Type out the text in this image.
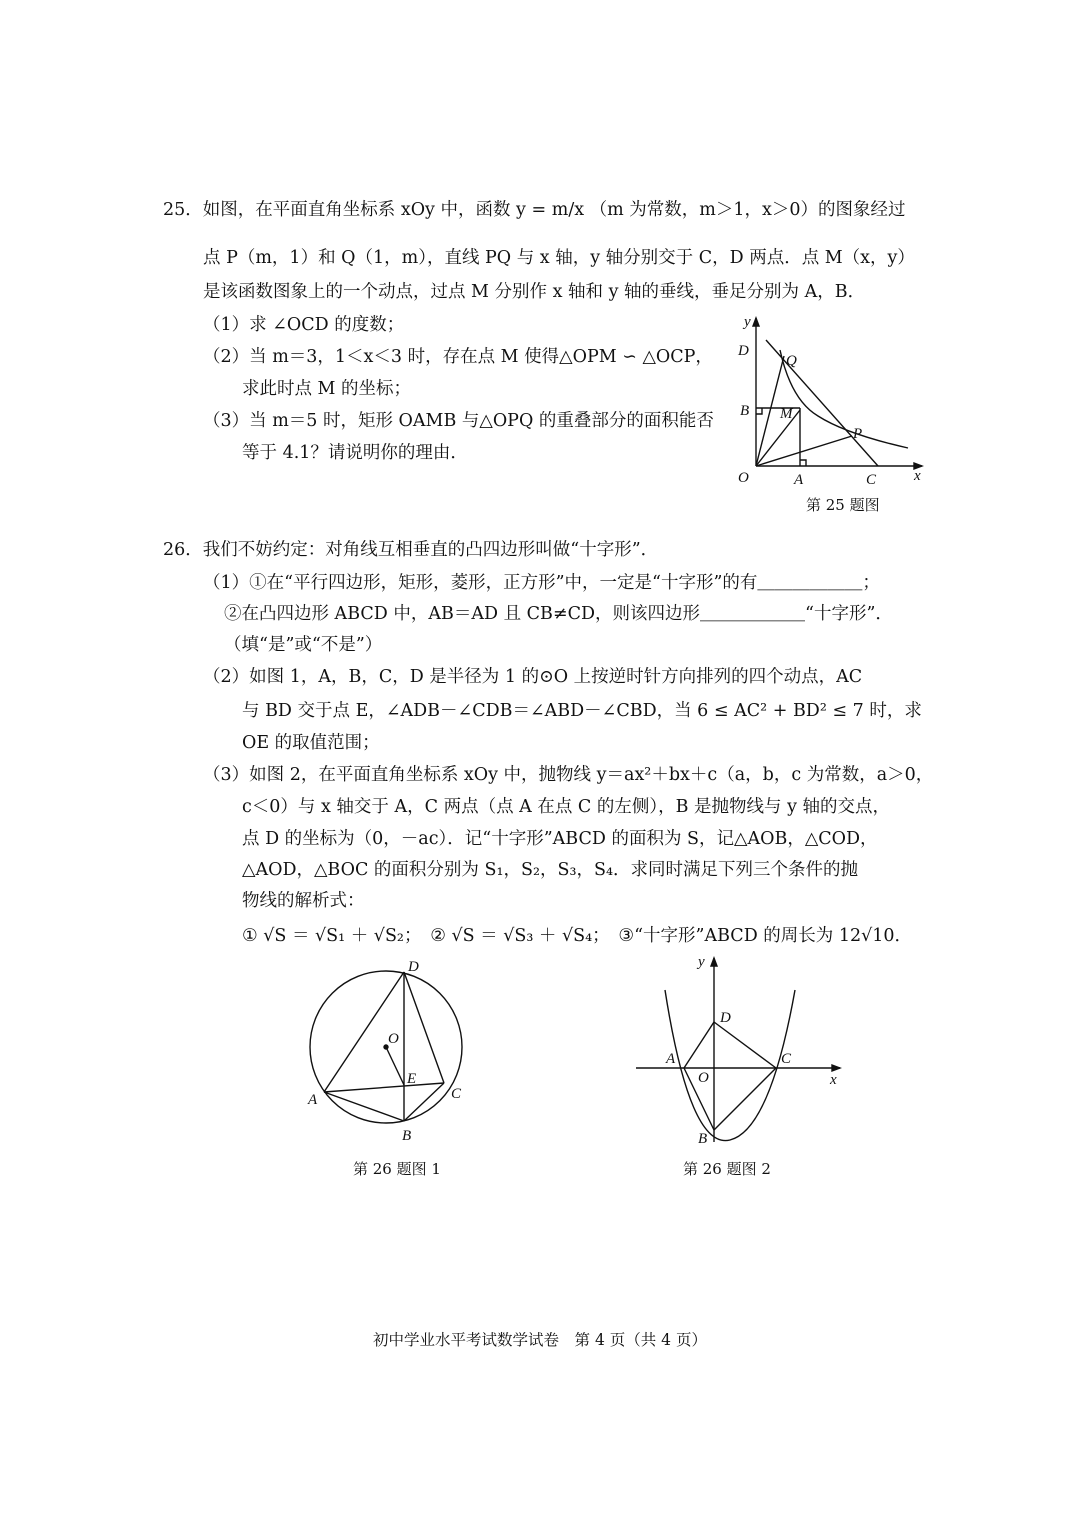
25．如图，在平面直角坐标系 xOy 中，函数 y = m/x （m 为常数，m＞1，x＞0）的图象经过
点 P（m，1）和 Q（1，m），直线 PQ 与 x 轴，y 轴分别交于 C，D 两点．点 M（x，y）
是该函数图象上的一个动点，过点 M 分别作 x 轴和 y 轴的垂线，垂足分别为 A，B．
（1）求 ∠OCD 的度数；
（2）当 m＝3，1＜x＜3 时，存在点 M 使得△OPM ∽ △OCP，
求此时点 M 的坐标；
（3）当 m＝5 时，矩形 OAMB 与△OPQ 的重叠部分的面积能否
等于 4.1？请说明你的理由．
y
x
D
Q
B M
P
O	A	C
第 25 题图
26．我们不妨约定：对角线互相垂直的凸四边形叫做“十字形”．
（1）①在“平行四边形，矩形，菱形，正方形”中，一定是“十字形”的有＿＿＿＿＿＿；
②在凸四边形 ABCD 中，AB＝AD 且 CB≠CD，则该四边形＿＿＿＿＿＿“十字形”．
（填“是”或“不是”）
（2）如图 1，A，B，C，D 是半径为 1 的⊙O 上按逆时针方向排列的四个动点，AC
与 BD 交于点 E，∠ADB－∠CDB＝∠ABD－∠CBD，当 6 ≤ AC² + BD² ≤ 7 时，求
OE 的取值范围；
（3）如图 2，在平面直角坐标系 xOy 中，抛物线 y＝ax²＋bx＋c（a，b，c 为常数，a＞0，
c＜0）与 x 轴交于 A，C 两点（点 A 在点 C 的左侧），B 是抛物线与 y 轴的交点，
点 D 的坐标为（0，－ac）．记“十字形”ABCD 的面积为 S，记△AOB，△COD，
△AOD，△BOC 的面积分别为 S₁，S₂，S₃，S₄．求同时满足下列三个条件的抛
物线的解析式：
① √S ＝ √S₁ ＋ √S₂；　② √S ＝ √S₃ ＋ √S₄；　③“十字形”ABCD 的周长为 12√10．
D
O
E
A	C
B
第 26 题图 1
y
D
A
O
C
x
B
第 26 题图 2
初中学业水平考试数学试卷　第 4 页（共 4 页）
